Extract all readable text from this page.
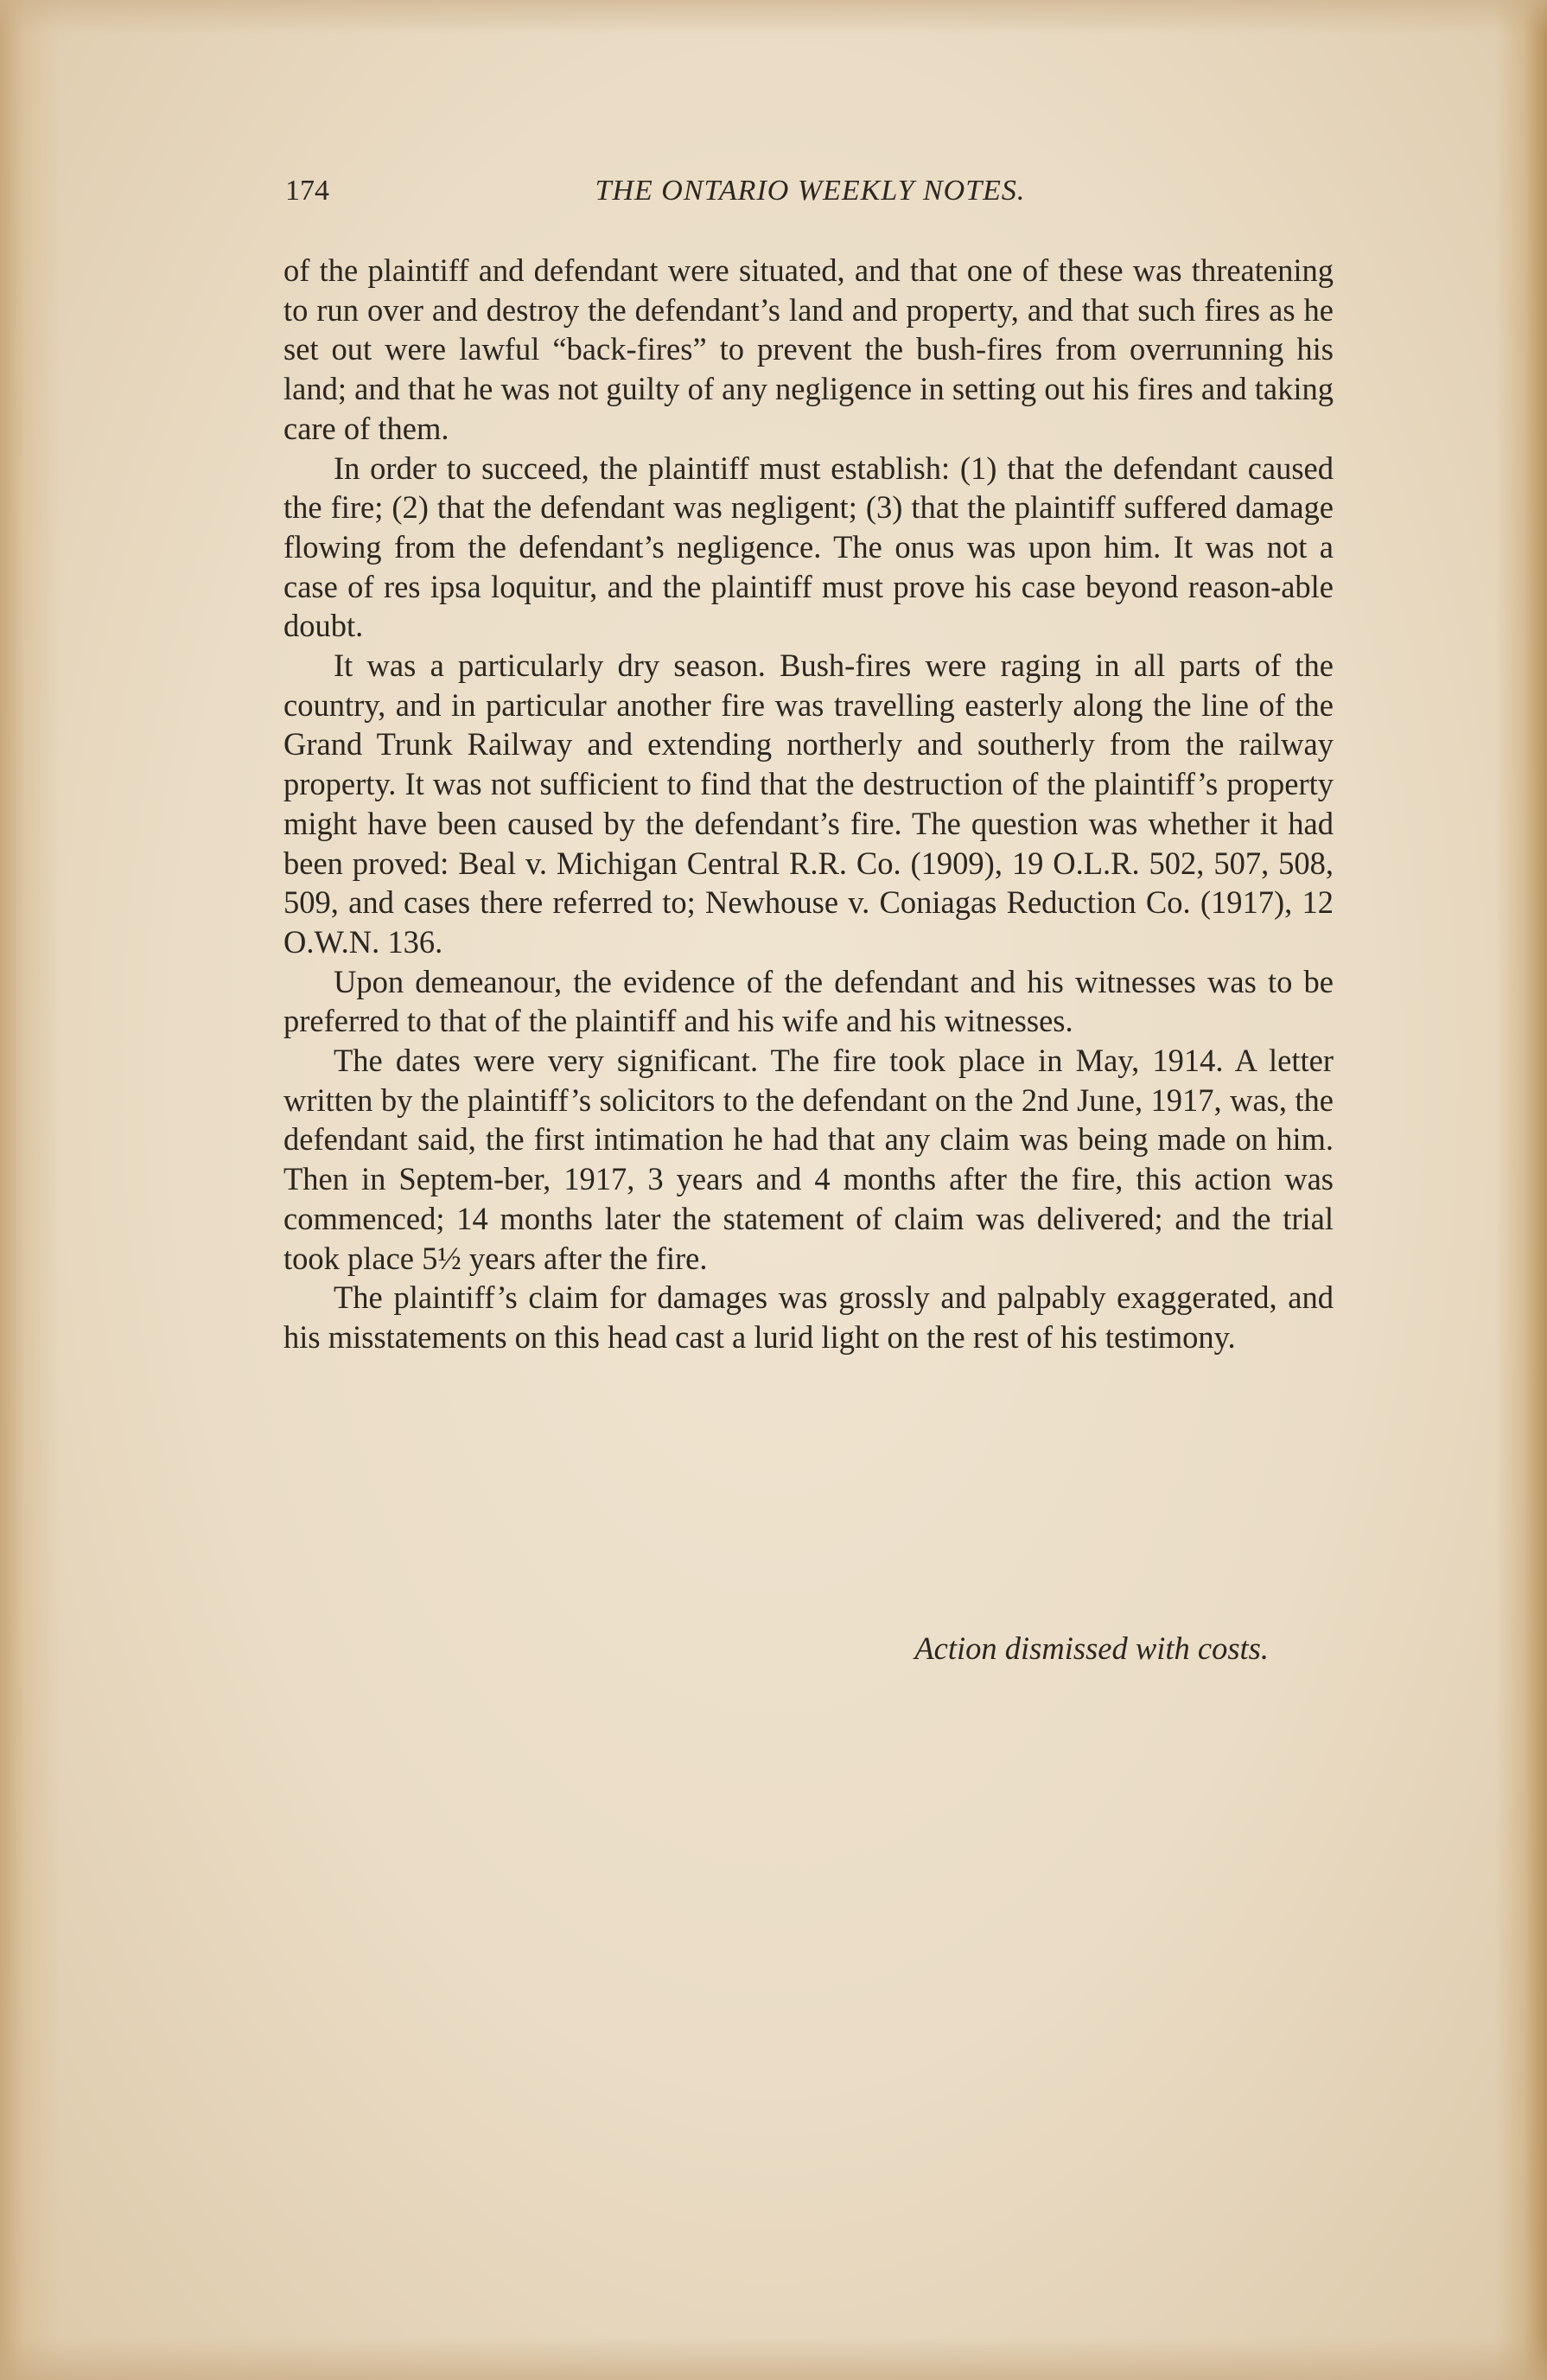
174	THE ONTARIO WEEKLY NOTES.

of the plaintiff and defendant were situated, and that one of these was threatening to run over and destroy the defendant’s land and property, and that such fires as he set out were lawful “back-fires” to prevent the bush-fires from overrunning his land; and that he was not guilty of any negligence in setting out his fires and taking care of them.

In order to succeed, the plaintiff must establish: (1) that the defendant caused the fire; (2) that the defendant was negligent; (3) that the plaintiff suffered damage flowing from the defendant’s negligence. The onus was upon him. It was not a case of res ipsa loquitur, and the plaintiff must prove his case beyond reason-able doubt.

It was a particularly dry season. Bush-fires were raging in all parts of the country, and in particular another fire was travelling easterly along the line of the Grand Trunk Railway and extending northerly and southerly from the railway property. It was not sufficient to find that the destruction of the plaintiff’s property might have been caused by the defendant’s fire. The question was whether it had been proved: Beal v. Michigan Central R.R. Co. (1909), 19 O.L.R. 502, 507, 508, 509, and cases there referred to; Newhouse v. Coniagas Reduction Co. (1917), 12 O.W.N. 136.

Upon demeanour, the evidence of the defendant and his witnesses was to be preferred to that of the plaintiff and his wife and his witnesses.

The dates were very significant. The fire took place in May, 1914. A letter written by the plaintiff’s solicitors to the defendant on the 2nd June, 1917, was, the defendant said, the first intimation he had that any claim was being made on him. Then in Septem-ber, 1917, 3 years and 4 months after the fire, this action was commenced; 14 months later the statement of claim was delivered; and the trial took place 5½ years after the fire.

The plaintiff’s claim for damages was grossly and palpably exaggerated, and his misstatements on this head cast a lurid light on the rest of his testimony.

Action dismissed with costs.
